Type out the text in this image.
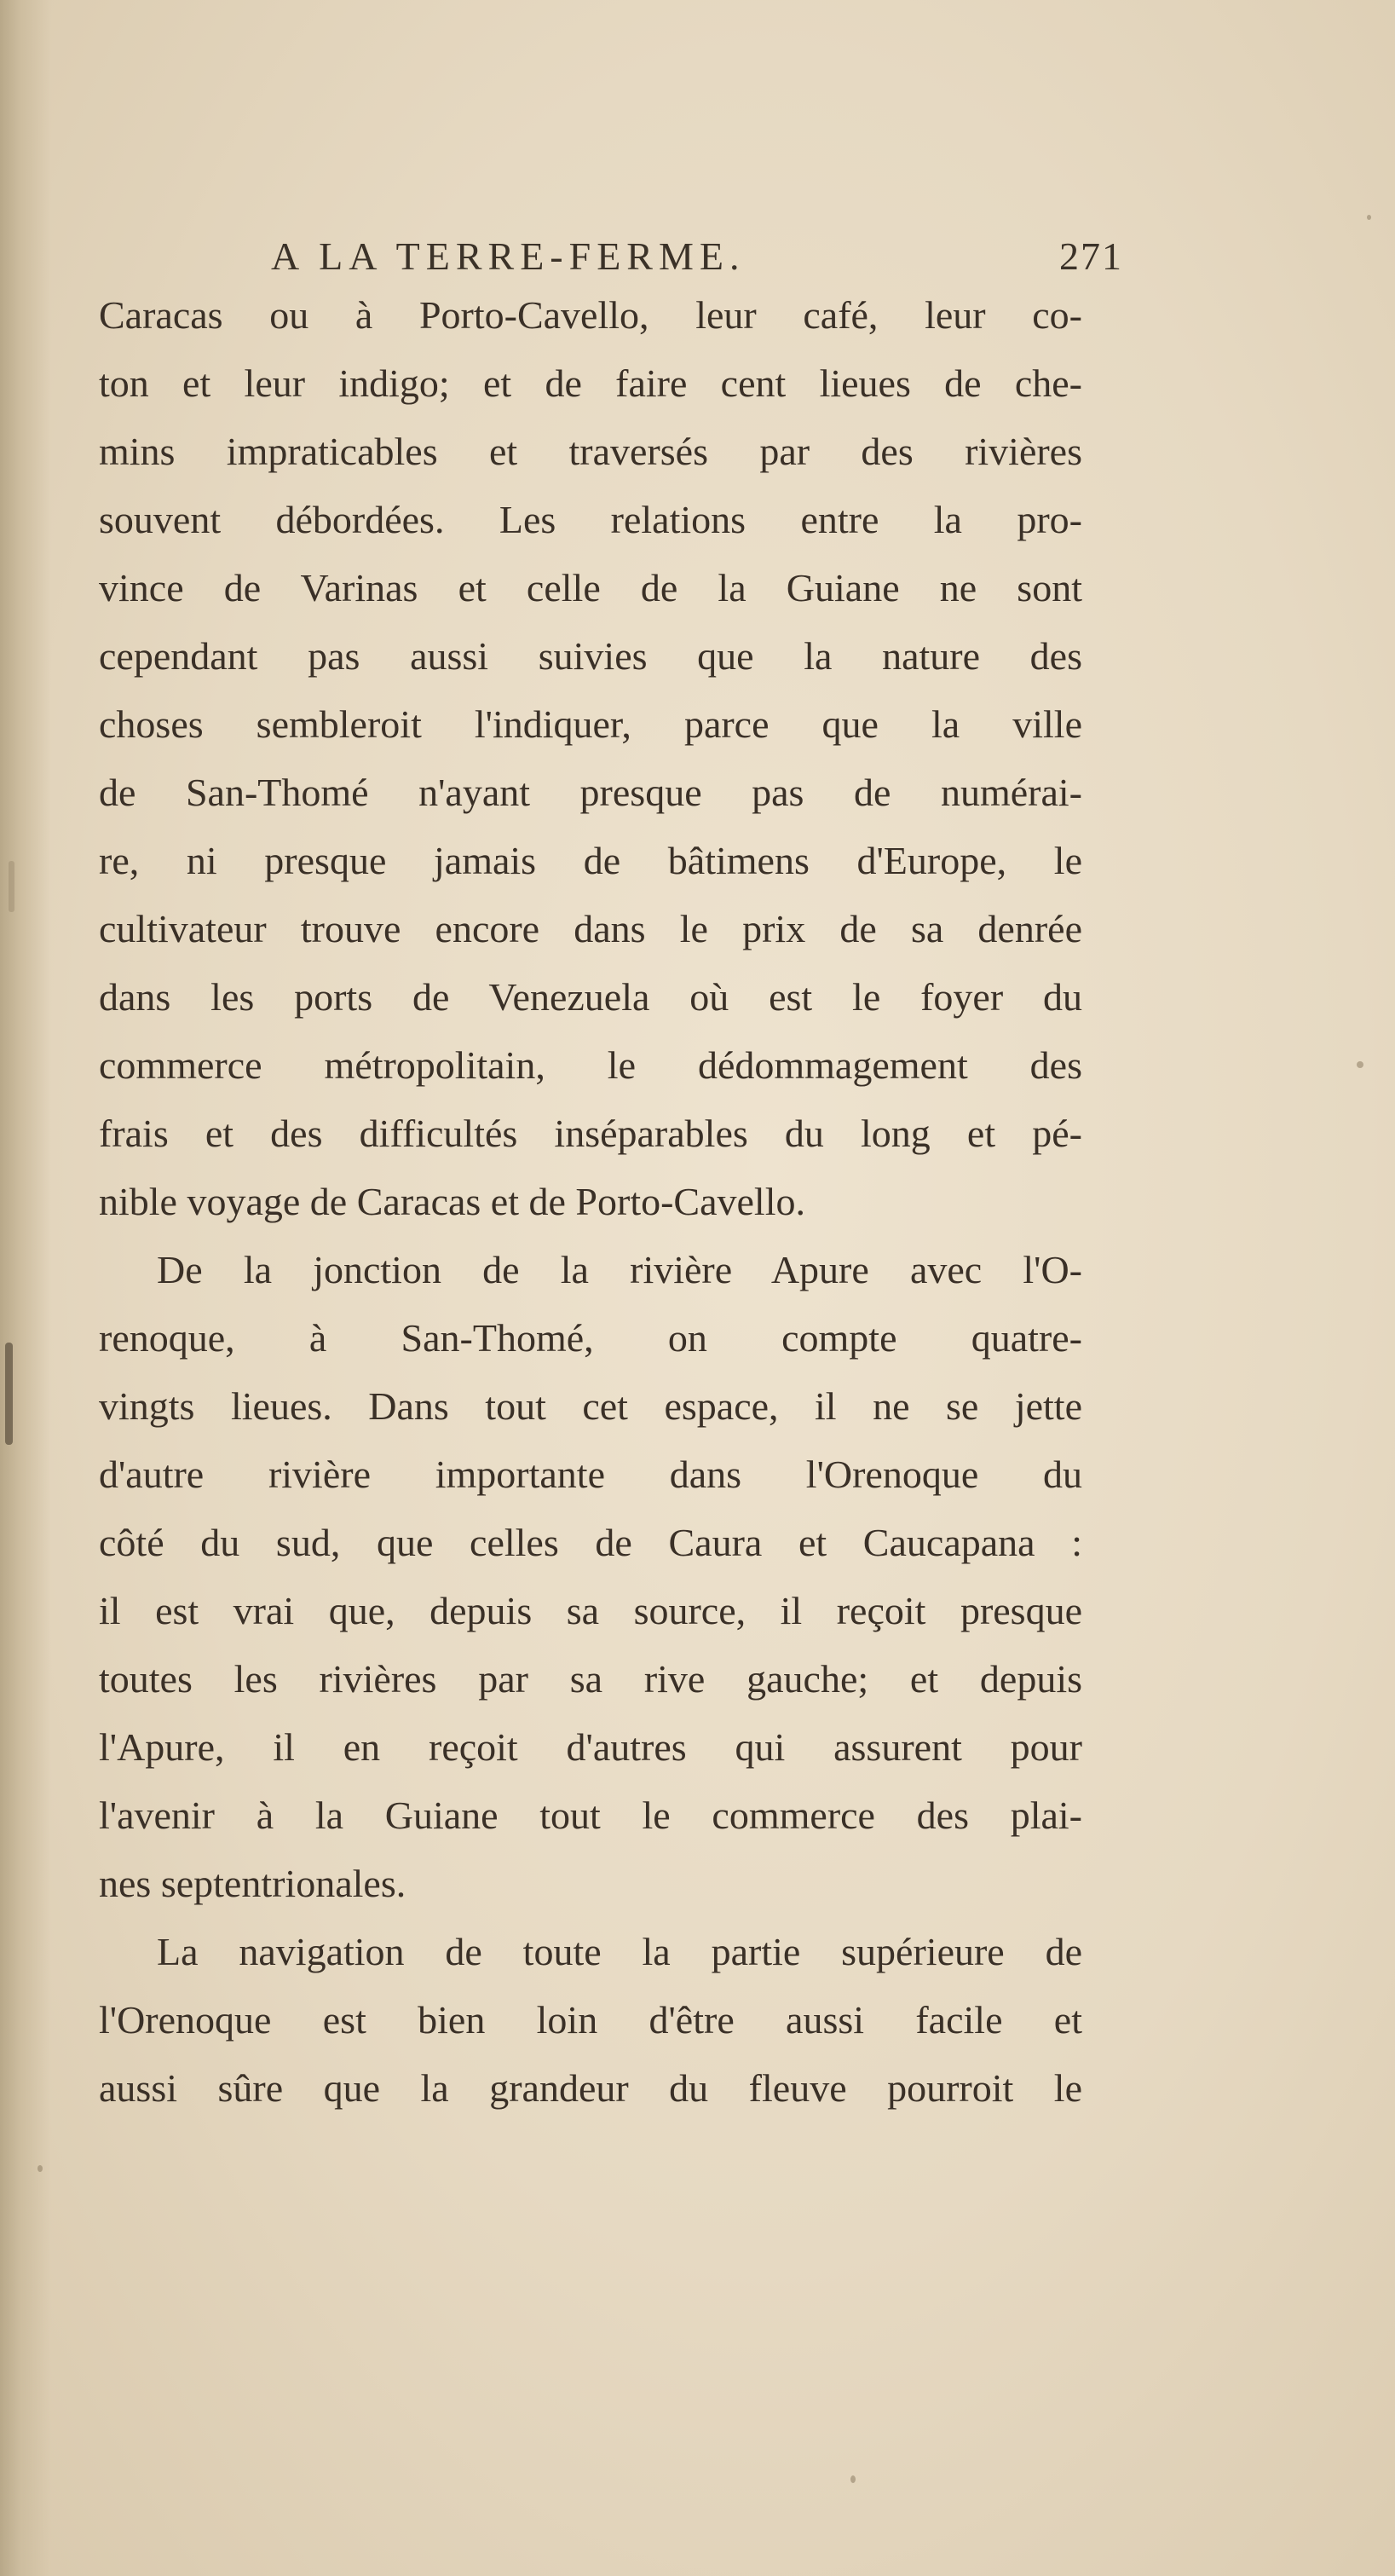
A LA TERRE-FERME.	271
Caracas ou à Porto-Cavello, leur café, leur co-
ton et leur indigo; et de faire cent lieues de che-
mins impraticables et traversés par des rivières
souvent débordées. Les relations entre la pro-
vince de Varinas et celle de la Guiane ne sont
cependant pas aussi suivies que la nature des
choses sembleroit l'indiquer, parce que la ville
de San-Thomé n'ayant presque pas de numérai-
re, ni presque jamais de bâtimens d'Europe, le
cultivateur trouve encore dans le prix de sa denrée
dans les ports de Venezuela où est le foyer du
commerce métropolitain, le dédommagement des
frais et des difficultés inséparables du long et pé-
nible voyage de Caracas et de Porto-Cavello.
De la jonction de la rivière Apure avec l'O-
renoque, à San-Thomé, on compte quatre-
vingts lieues. Dans tout cet espace, il ne se jette
d'autre rivière importante dans l'Orenoque du
côté du sud, que celles de Caura et Caucapana :
il est vrai que, depuis sa source, il reçoit presque
toutes les rivières par sa rive gauche; et depuis
l'Apure, il en reçoit d'autres qui assurent pour
l'avenir à la Guiane tout le commerce des plai-
nes septentrionales.
La navigation de toute la partie supérieure de
l'Orenoque est bien loin d'être aussi facile et
aussi sûre que la grandeur du fleuve pourroit le
